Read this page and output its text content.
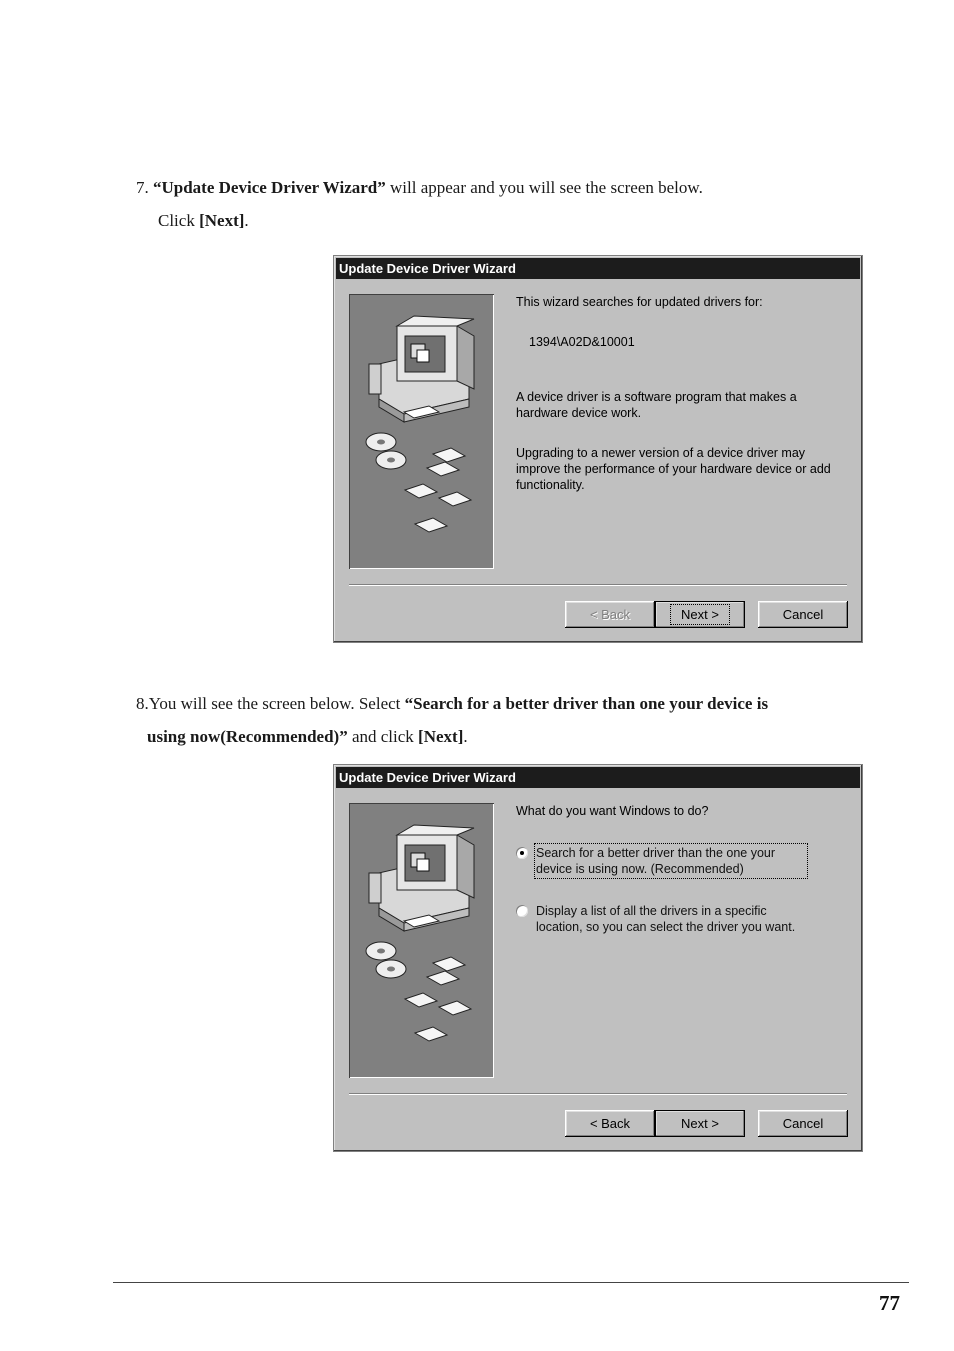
7. “Update Device Driver Wizard” will appear and you will see the screen below.
Click [Next].
Update Device Driver Wizard

This wizard searches for updated drivers for:

1394\A02D&10001

A device driver is a software program that makes a hardware device work.

Upgrading to a newer version of a device driver may improve the performance of your hardware device or add functionality.

< Back	Next >	Cancel
8.You will see the screen below. Select “Search for a better driver than one your device is
using now(Recommended)” and click [Next].
Update Device Driver Wizard

What do you want Windows to do?

Search for a better driver than the one your device is using now. (Recommended)
Display a list of all the drivers in a specific location, so you can select the driver you want.
< Back	Next >	Cancel
77
